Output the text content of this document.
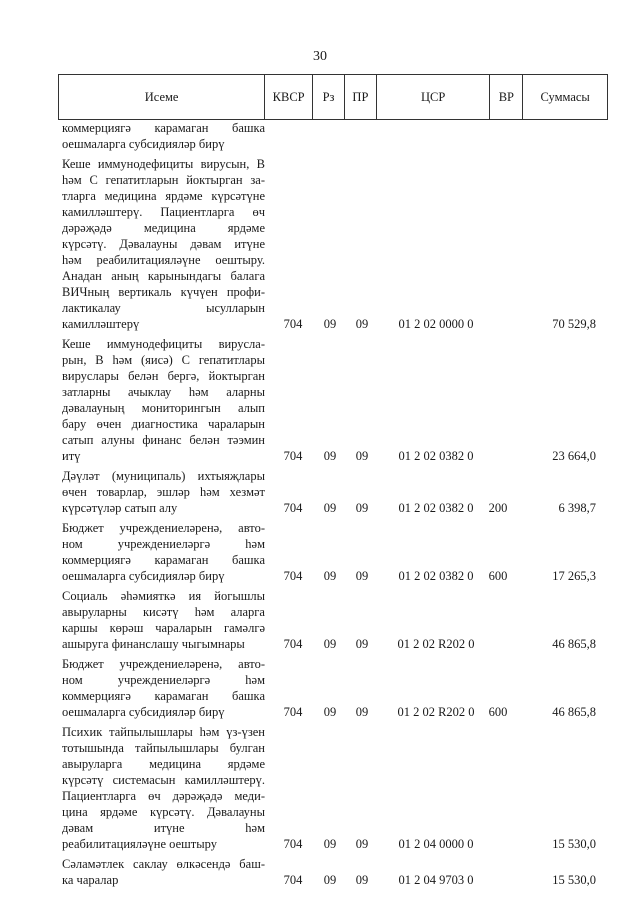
30
Исеме	КВСР	Рз	ПР	ЦСР	ВР	Суммасы
коммерциягә карамаган башка
оешмаларга субсидияләр бирү
Кеше иммунодефициты вирусын, В
һәм С гепатитларын йоктырган за-
тларга медицина ярдәме күрсәтүне
камилләштерү. Пациентларга өч
дәрәҗәдә медицина ярдәме
күрсәтү. Дәвалауны дәвам итүне
һәм реабилитацияләүне оештыру.
Анадан аның карынындагы балага
ВИЧның вертикаль күчүен профи-
лактикалау ысулларын
камилләштерү	704	09	09	01 2 02 0000 0	70 529,8
Кеше иммунодефициты вирусла-
рын, В һәм (яисә) С гепатитлары
вируслары белән бергә, йоктырган
затларны ачыклау һәм аларны
дәвалауның мониторингын алып
бару өчен диагностика чараларын
сатып алуны финанс белән тәэмин
итү	704	09	09	01 2 02 0382 0	23 664,0
Дәүләт (муниципаль) ихтыяҗлары
өчен товарлар, эшләр һәм хезмәт
күрсәтүләр сатып алу	704	09	09	01 2 02 0382 0	200	6 398,7
Бюджет учреждениеләренә, авто-
ном учреждениеләргә һәм
коммерциягә карамаган башка
оешмаларга субсидияләр бирү	704	09	09	01 2 02 0382 0	600	17 265,3
Социаль әһәмияткә ия йогышлы
авыруларны кисәтү һәм аларга
каршы көрәш чараларын гамәлгә
ашыруга финанслашу чыгымнары	704	09	09	01 2 02 R202 0	46 865,8
Бюджет учреждениеләренә, авто-
ном учреждениеләргә һәм
коммерциягә карамаган башка
оешмаларга субсидияләр бирү	704	09	09	01 2 02 R202 0	600	46 865,8
Психик тайпылышлары һәм үз-үзен
тотышында тайпылышлары булган
авыруларга медицина ярдәме
күрсәтү системасын камилләштерү.
Пациентларга өч дәрәҗәдә меди-
цина ярдәме күрсәтү. Дәвалауны
дәвам итүне һәм
реабилитацияләүне оештыру	704	09	09	01 2 04 0000 0	15 530,0
Сәламәтлек саклау өлкәсендә баш-
ка чаралар	704	09	09	01 2 04 9703 0	15 530,0
